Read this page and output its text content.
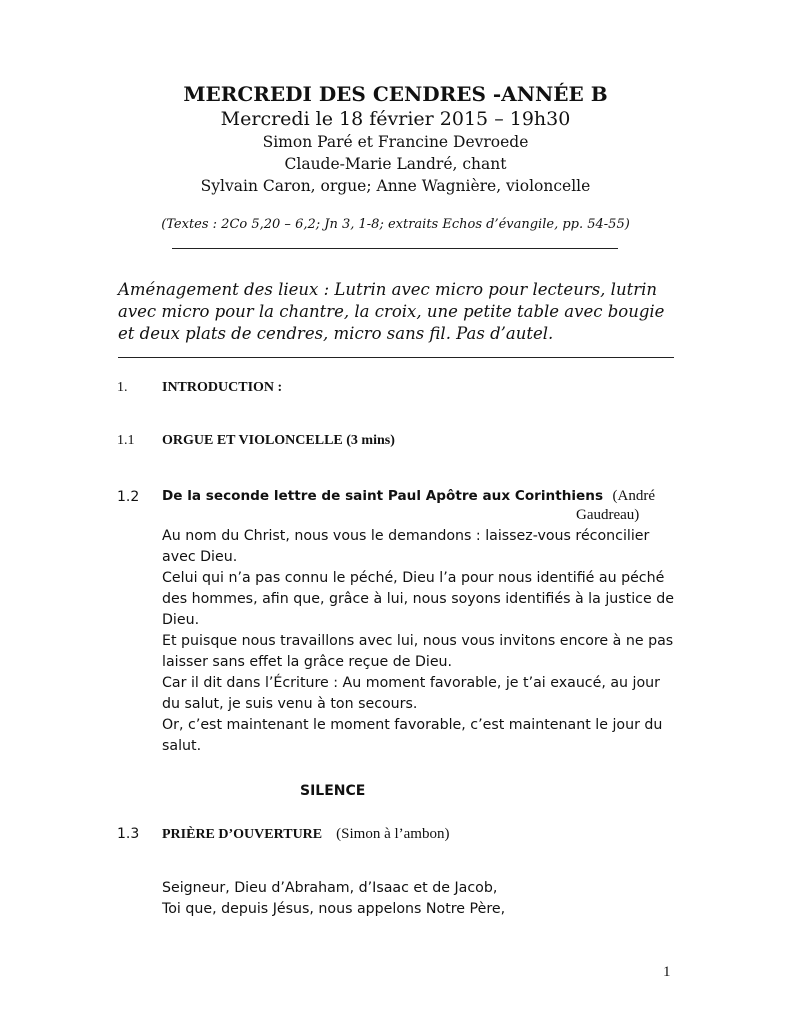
MERCREDI DES CENDRES -ANNÉE B
Mercredi le 18 février 2015 – 19h30
Simon Paré et Francine Devroede
Claude-Marie Landré, chant
Sylvain Caron, orgue; Anne Wagnière, violoncelle
(Textes : 2Co 5,20 – 6,2; Jn 3, 1-8; extraits Echos d’évangile, pp. 54-55)
Aménagement des lieux : Lutrin avec micro pour lecteurs, lutrin avec micro pour la chantre, la croix, une petite table avec bougie et deux plats de cendres, micro sans fil. Pas d’autel.
1. INTRODUCTION :
1.1 ORGUE ET VIOLONCELLE (3 mins)
1.2 De la seconde lettre de saint Paul Apôtre aux Corinthiens (André
Gaudreau)
Au nom du Christ, nous vous le demandons : laissez-vous réconcilier
avec Dieu.
Celui qui n’a pas connu le péché, Dieu l’a pour nous identifié au péché
des hommes, afin que, grâce à lui, nous soyons identifiés à la justice de
Dieu.
Et puisque nous travaillons avec lui, nous vous invitons encore à ne pas
laisser sans effet la grâce reçue de Dieu.
Car il dit dans l’Écriture : Au moment favorable, je t’ai exaucé, au jour
du salut, je suis venu à ton secours.
Or, c’est maintenant le moment favorable, c’est maintenant le jour du
salut.
SILENCE
1.3 PRIÈRE D’OUVERTURE (Simon à l’ambon)
Seigneur, Dieu d’Abraham, d’Isaac et de Jacob,
Toi que, depuis Jésus, nous appelons Notre Père,
1
